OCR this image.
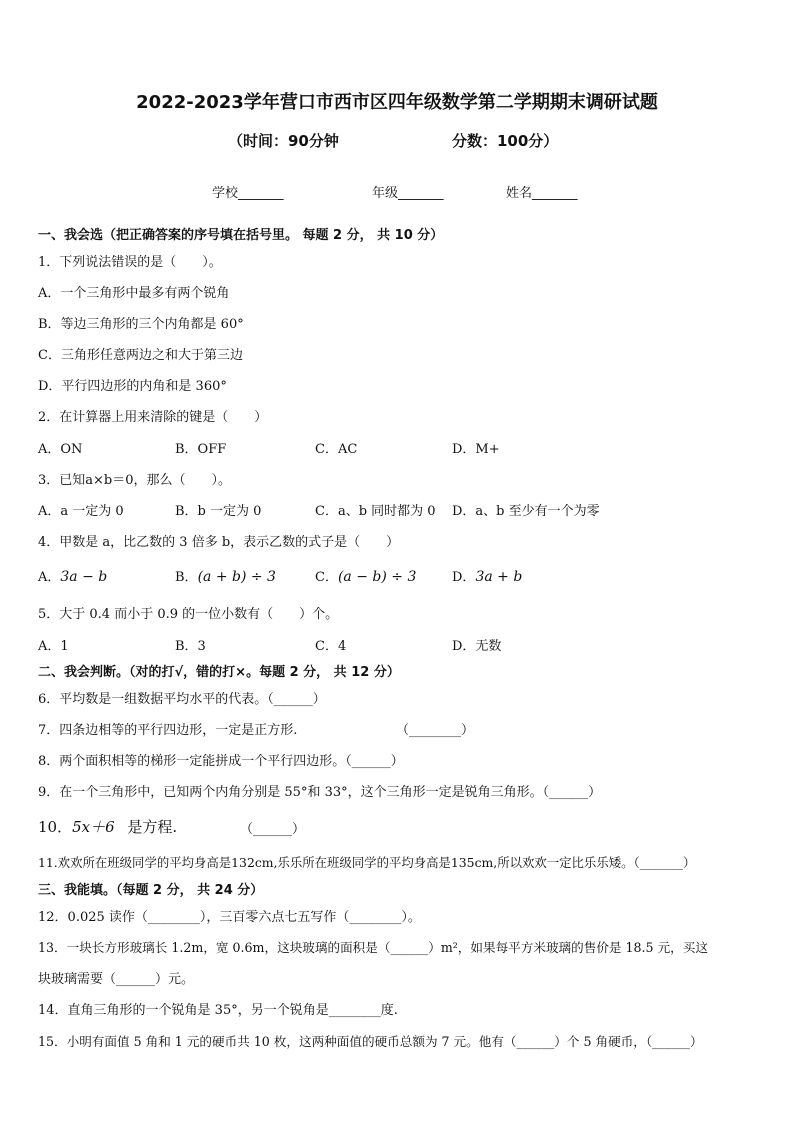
2022-2023学年营口市西市区四年级数学第二学期期末调研试题
（时间：90分钟	分数：100分）
学校_______	年级_______	姓名_______
一、我会选（把正确答案的序号填在括号里。 每题 2 分， 共 10 分）
1．下列说法错误的是（　　）。
A．一个三角形中最多有两个锐角
B．等边三角形的三个内角都是 60°
C．三角形任意两边之和大于第三边
D．平行四边形的内角和是 360°
2．在计算器上用来清除的键是（　　）
A．ON	B．OFF	C．AC	D．M+
3．已知a×b＝0，那么（　　）。
A．a 一定为 0	B．b 一定为 0	C．a、b 同时都为 0 D．a、b 至少有一个为零
4．甲数是 a，比乙数的 3 倍多 b，表示乙数的式子是（　　）
A．3a − b	B．(a + b) ÷ 3	C．(a − b) ÷ 3	D．3a + b
5．大于 0.4 而小于 0.9 的一位小数有（　　）个。
A．1	B．3	C．4	D．无数
二、我会判断。（对的打√，错的打×。每题 2 分， 共 12 分）
6．平均数是一组数据平均水平的代表。（______）
7．四条边相等的平行四边形，一定是正方形.	（________）
8．两个面积相等的梯形一定能拼成一个平行四边形。（______）
9．在一个三角形中，已知两个内角分别是 55°和 33°，这个三角形一定是锐角三角形。（______）
10．5x＋6 是方程.	（______）
11.欢欢所在班级同学的平均身高是132cm,乐乐所在班级同学的平均身高是135cm,所以欢欢一定比乐乐矮。（_______）
三、我能填。（每题 2 分， 共 24 分）
12．0.025 读作（________），三百零六点七五写作（________）。
13．一块长方形玻璃长 1.2m，宽 0.6m，这块玻璃的面积是（______）m²，如果每平方米玻璃的售价是 18.5 元，买这
块玻璃需要（______）元。
14．直角三角形的一个锐角是 35°，另一个锐角是________度.
15．小明有面值 5 角和 1 元的硬币共 10 枚，这两种面值的硬币总额为 7 元。他有（______）个 5 角硬币，（______）
